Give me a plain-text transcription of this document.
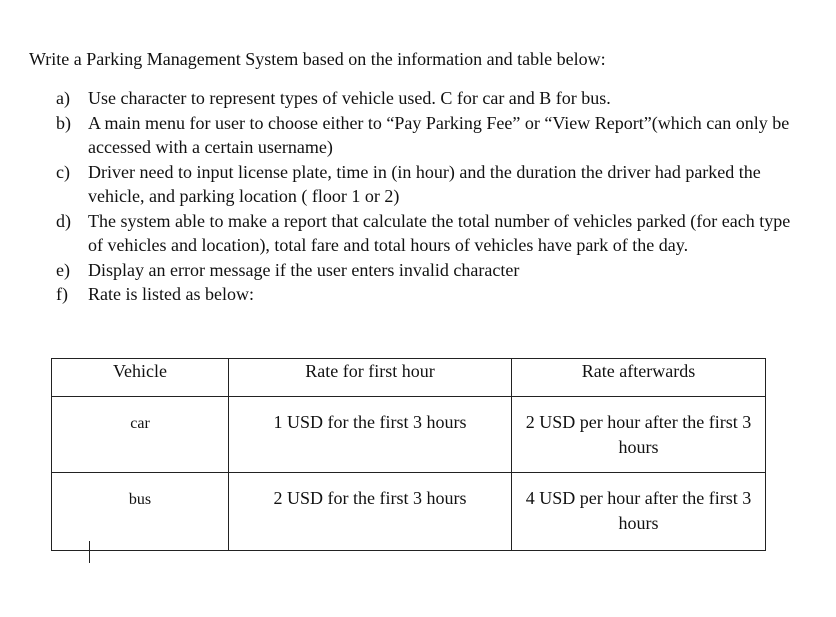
Write a Parking Management System based on the information and table below:
a)	Use character to represent types of vehicle used. C for car and B for bus.
b) A main menu for user to choose either to “Pay Parking Fee” or “View Report”(which can only be accessed with a certain username)
c)	Driver need to input license plate, time in (in hour) and the duration the driver had parked the vehicle, and parking location ( floor 1 or 2)
d) The system able to make a report that calculate the total number of vehicles parked (for each type of vehicles and location), total fare and total hours of vehicles have park of the day.
e)	Display an error message if the user enters invalid character
f)	Rate is listed as below:
Vehicle	Rate for first hour	Rate afterwards
car	1 USD for the first 3 hours	2 USD per hour after the first 3 hours
bus	2 USD for the first 3 hours	4 USD per hour after the first 3 hours
